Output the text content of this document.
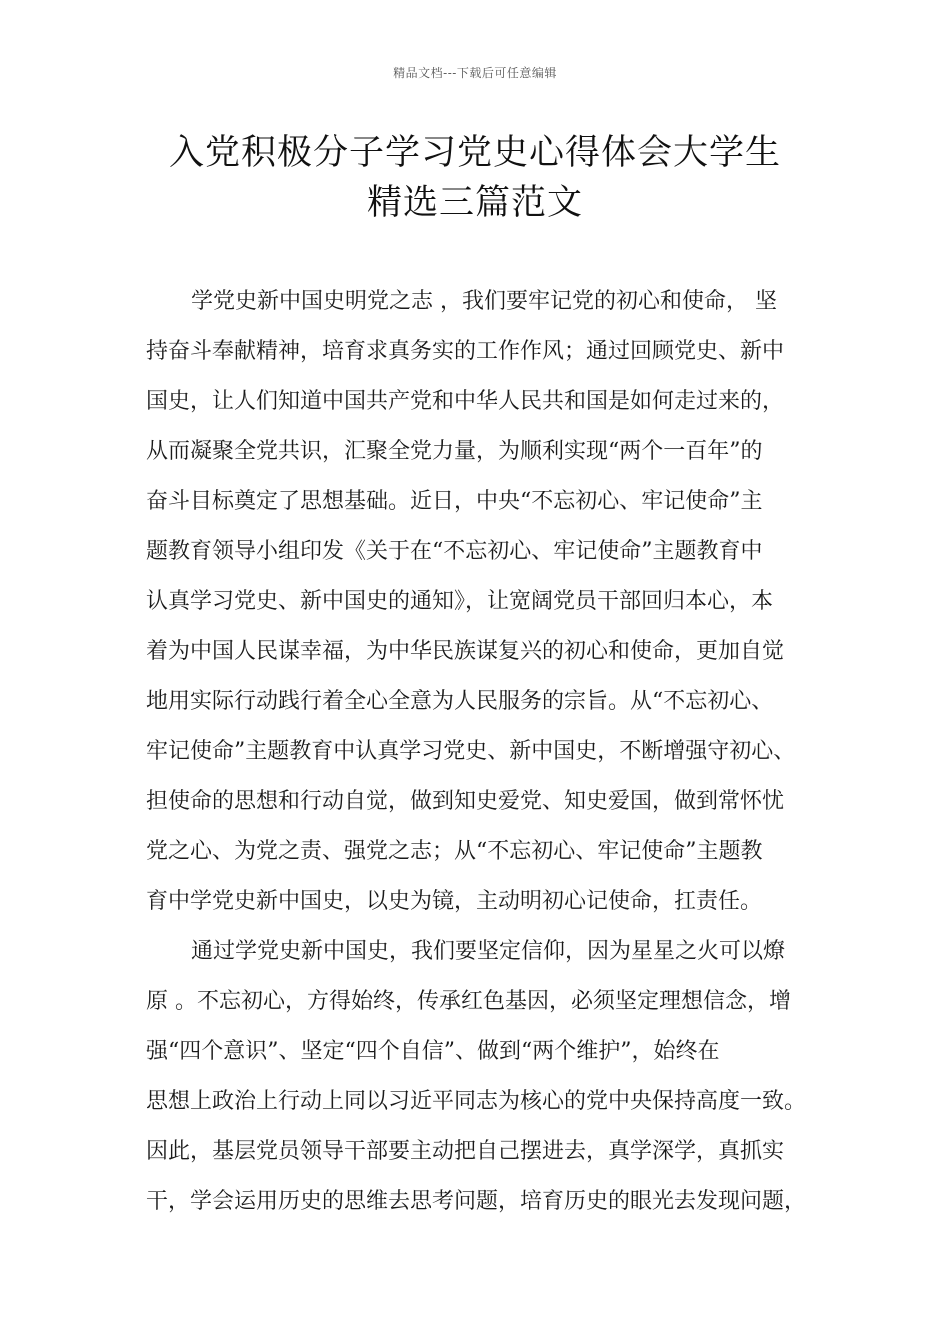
精品文档---下载后可任意编辑
入党积极分子学习党史心得体会大学生
精选三篇范文
学党史新中国史明党之志 ，我们要牢记党的初心和使命， 坚
持奋斗奉献精神，培育求真务实的工作作风；通过回顾党史、新中
国史，让人们知道中国共产党和中华人民共和国是如何走过来的，
从而凝聚全党共识，汇聚全党力量，为顺利实现“两个一百年”的
奋斗目标奠定了思想基础。近日，中央“不忘初心、牢记使命”主
题教育领导小组印发《关于在“不忘初心、牢记使命”主题教育中
认真学习党史、新中国史的通知》，让宽阔党员干部回归本心，本
着为中国人民谋幸福，为中华民族谋复兴的初心和使命，更加自觉
地用实际行动践行着全心全意为人民服务的宗旨。从“不忘初心、
牢记使命”主题教育中认真学习党史、新中国史，不断增强守初心、
担使命的思想和行动自觉，做到知史爱党、知史爱国，做到常怀忧
党之心、为党之责、强党之志；从“不忘初心、牢记使命”主题教
育中学党史新中国史，以史为镜，主动明初心记使命，扛责任。
通过学党史新中国史，我们要坚定信仰，因为星星之火可以燎
原 。不忘初心，方得始终，传承红色基因，必须坚定理想信念，增
强“四个意识”、坚定“四个自信”、做到“两个维护”，始终在
思想上政治上行动上同以习近平同志为核心的党中央保持高度一致。
因此，基层党员领导干部要主动把自己摆进去，真学深学，真抓实
干，学会运用历史的思维去思考问题，培育历史的眼光去发现问题，
